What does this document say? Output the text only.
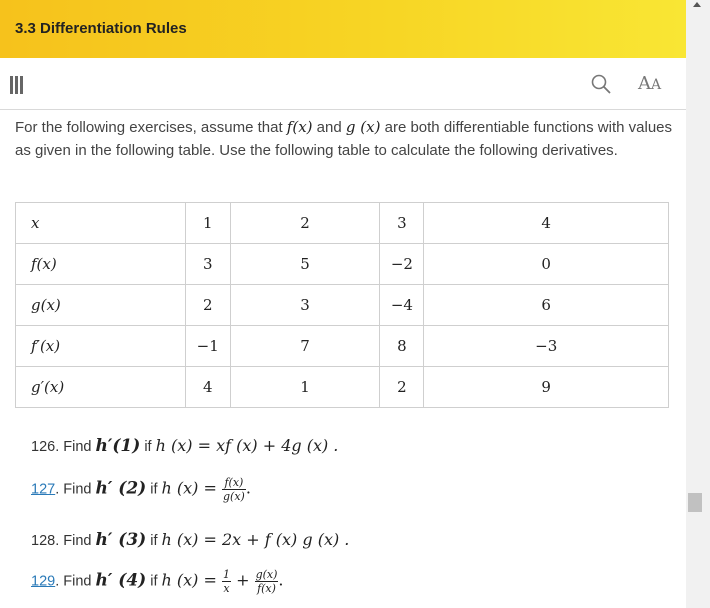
3.3 Differentiation Rules
AA
For the following exercises, assume that f(x) and g (x) are both differentiable functions with values as given in the following table. Use the following table to calculate the following derivatives.
x	1	2	3	4
f(x)	3	5	−2	0
g(x)	2	3	−4	6
f′(x)	−1	7	8	−3
g′(x)	4	1	2	9
126. Find h′(1) if h (x) = xf (x) + 4g (x) .
127. Find h′ (2) if h $(x) = \frac{f(x)}{g(x)}$ .
128. Find h′ (3) if h (x) = 2x + f (x) g (x) .
129. Find h′ (4) if h $(x) = \frac{1}{x} + \frac{g(x)}{f(x)}$ .
